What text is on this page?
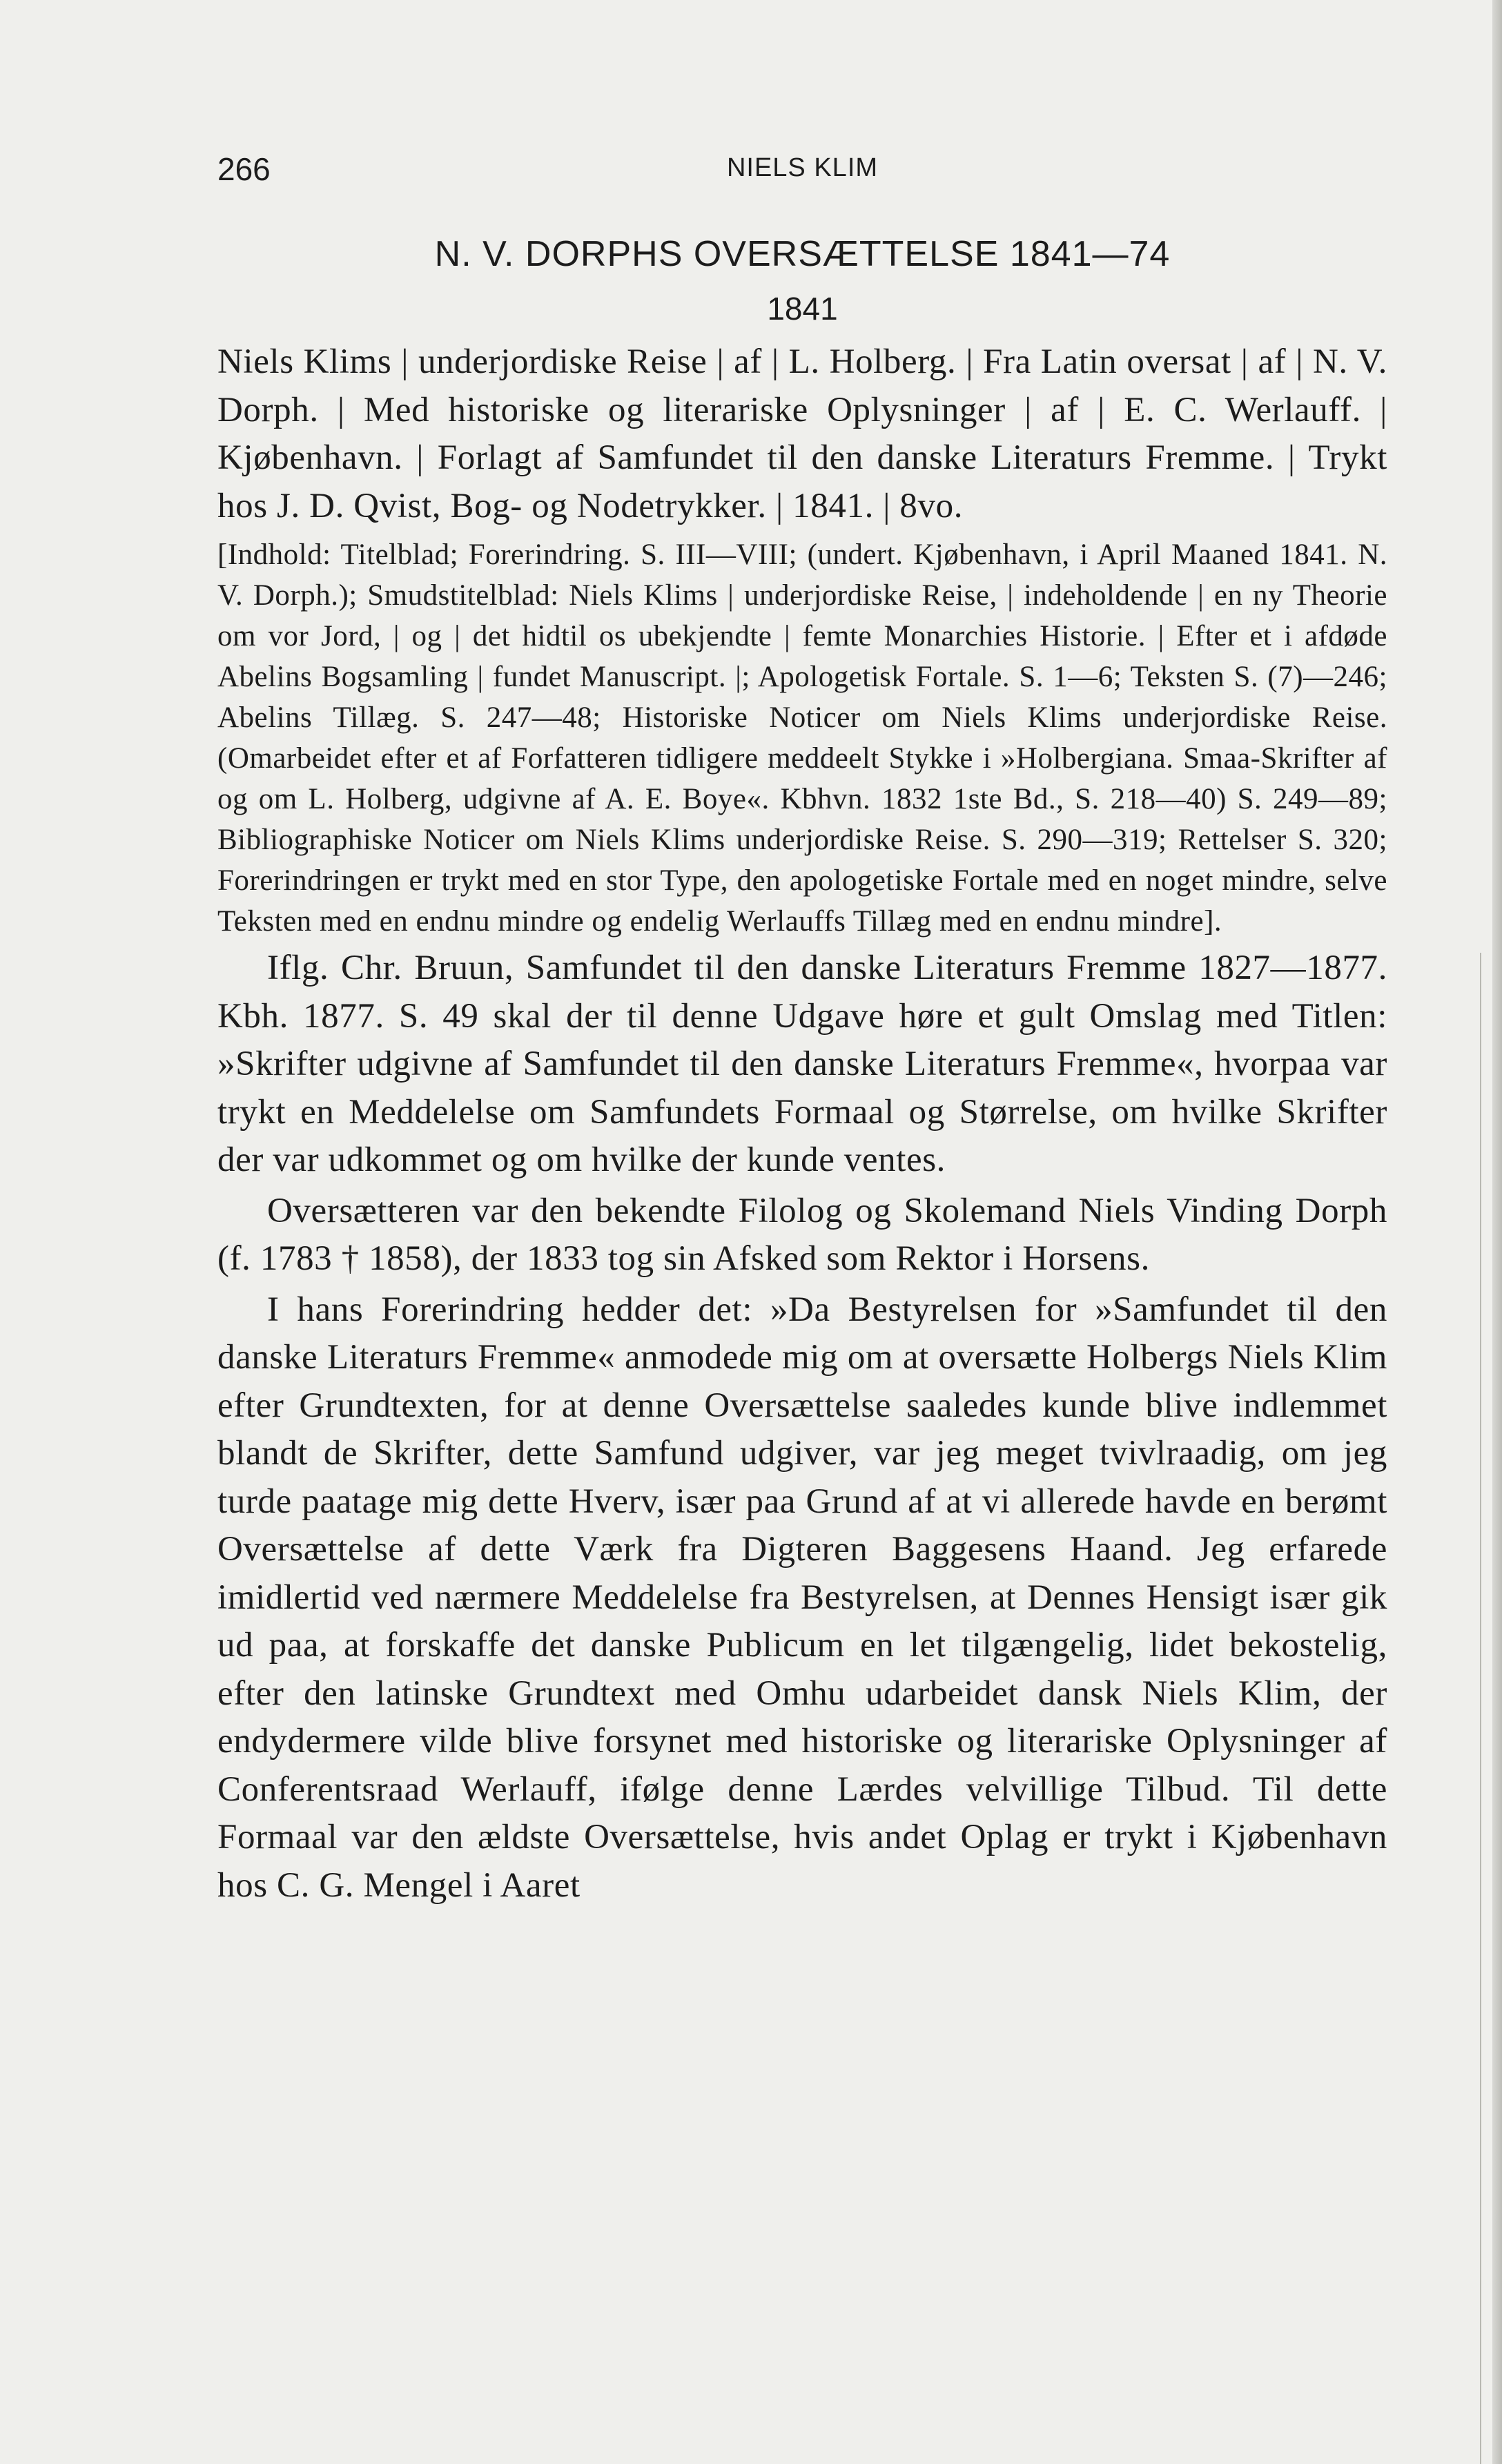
266	NIELS KLIM
N. V. DORPHS OVERSÆTTELSE 1841—74
1841
Niels Klims | underjordiske Reise | af | L. Holberg. | Fra Latin oversat | af | N. V. Dorph. | Med historiske og literariske Oplysninger | af | E. C. Werlauff. | Kjøbenhavn. | Forlagt af Samfundet til den danske Literaturs Fremme. | Trykt hos J. D. Qvist, Bog- og Nodetrykker. | 1841. | 8vo.
[Indhold: Titelblad; Forerindring. S. III—VIII; (undert. Kjøbenhavn, i April Maaned 1841. N. V. Dorph.); Smudstitelblad: Niels Klims | underjordiske Reise, | indeholdende | en ny Theorie om vor Jord, | og | det hidtil os ubekjendte | femte Monarchies Historie. | Efter et i afdøde Abelins Bogsamling | fundet Manuscript. |; Apologetisk Fortale. S. 1—6; Teksten S. (7)—246; Abelins Tillæg. S. 247—48; Historiske Noticer om Niels Klims underjordiske Reise. (Omarbeidet efter et af Forfatteren tidligere meddeelt Stykke i »Holbergiana. Smaa-Skrifter af og om L. Holberg, udgivne af A. E. Boye«. Kbhvn. 1832 1ste Bd., S. 218—40) S. 249—89; Bibliographiske Noticer om Niels Klims underjordiske Reise. S. 290—319; Rettelser S. 320; Forerindringen er trykt med en stor Type, den apologetiske Fortale med en noget mindre, selve Teksten med en endnu mindre og endelig Werlauffs Tillæg med en endnu mindre].
Iflg. Chr. Bruun, Samfundet til den danske Literaturs Fremme 1827—1877. Kbh. 1877. S. 49 skal der til denne Udgave høre et gult Omslag med Titlen: »Skrifter udgivne af Samfundet til den danske Literaturs Fremme«, hvorpaa var trykt en Meddelelse om Samfundets Formaal og Størrelse, om hvilke Skrifter der var udkommet og om hvilke der kunde ventes.
Oversætteren var den bekendte Filolog og Skolemand Niels Vinding Dorph (f. 1783 † 1858), der 1833 tog sin Afsked som Rektor i Horsens.
I hans Forerindring hedder det: »Da Bestyrelsen for »Samfundet til den danske Literaturs Fremme« anmodede mig om at oversætte Holbergs Niels Klim efter Grundtexten, for at denne Oversættelse saaledes kunde blive indlemmet blandt de Skrifter, dette Samfund udgiver, var jeg meget tvivlraadig, om jeg turde paatage mig dette Hverv, især paa Grund af at vi allerede havde en berømt Oversættelse af dette Værk fra Digteren Baggesens Haand. Jeg erfarede imidlertid ved nærmere Meddelelse fra Bestyrelsen, at Dennes Hensigt især gik ud paa, at forskaffe det danske Publicum en let tilgængelig, lidet bekostelig, efter den latinske Grundtext med Omhu udarbeidet dansk Niels Klim, der endydermere vilde blive forsynet med historiske og literariske Oplysninger af Conferentsraad Werlauff, ifølge denne Lærdes velvillige Tilbud. Til dette Formaal var den ældste Oversættelse, hvis andet Oplag er trykt i Kjøbenhavn hos C. G. Mengel i Aaret
